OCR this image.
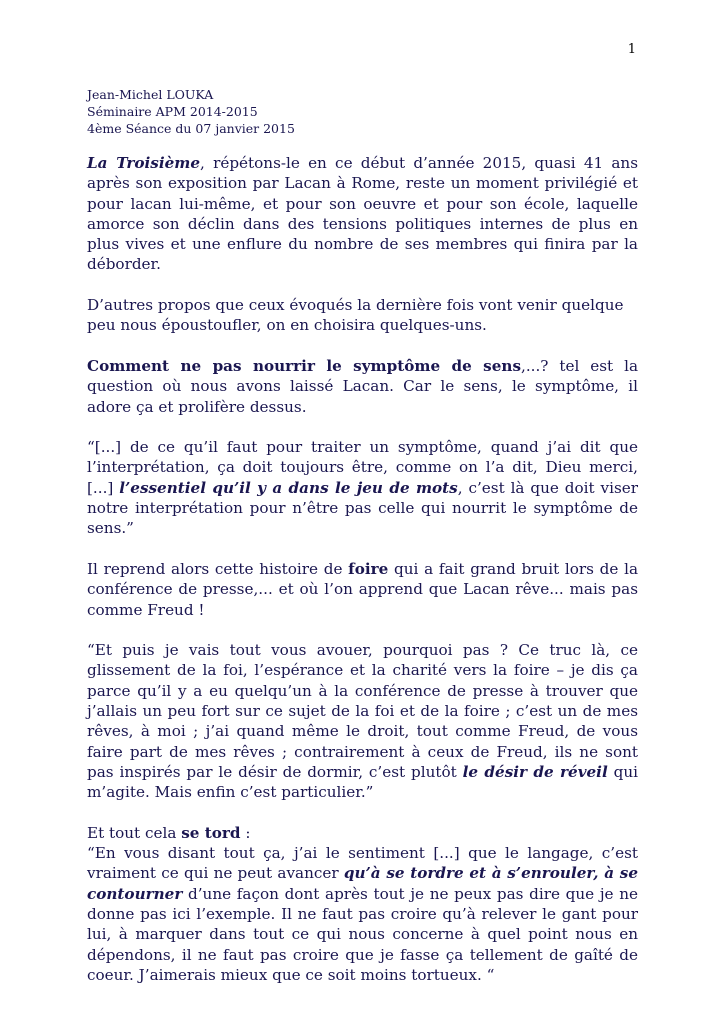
1
Jean-Michel LOUKA
Séminaire APM 2014-2015
4ème Séance du 07 janvier 2015

La Troisième, répétons-le en ce début d’année 2015, quasi 41 ans après son exposition par Lacan à Rome, reste un moment privilégié et pour lacan lui-même, et pour son oeuvre et pour son école, laquelle amorce son déclin dans des tensions politiques internes de plus en plus vives et une enflure du nombre de ses membres qui finira par la déborder.

D’autres propos que ceux évoqués la dernière fois vont venir quelque peu nous époustoufler, on en choisira quelques-uns.

Comment ne pas nourrir le symptôme de sens,...? tel est la question où nous avons laissé Lacan. Car le sens, le symptôme, il adore ça et prolifère dessus.

“[...] de ce qu’il faut pour traiter un symptôme, quand j’ai dit que l’interprétation, ça doit toujours être, comme on l’a dit, Dieu merci, [...] l’essentiel qu’il y a dans le jeu de mots, c’est là que doit viser notre interprétation pour n’être pas celle qui nourrit le symptôme de sens.”

Il reprend alors cette histoire de foire qui a fait grand bruit lors de la conférence de presse,... et où l’on apprend que Lacan rêve... mais pas comme Freud !

“Et puis je vais tout vous avouer, pourquoi pas ? Ce truc là, ce glissement de la foi, l’espérance et la charité vers la foire – je dis ça parce qu’il y a eu quelqu’un à la conférence de presse à trouver que j’allais un peu fort sur ce sujet de la foi et de la foire ; c’est un de mes rêves, à moi ; j’ai quand même le droit, tout comme Freud, de vous faire part de mes rêves ; contrairement à ceux de Freud, ils ne sont pas inspirés par le désir de dormir, c’est plutôt le désir de réveil qui m’agite. Mais enfin c’est particulier.”

Et tout cela se tord :

“En vous disant tout ça, j’ai le sentiment [...] que le langage, c’est vraiment ce qui ne peut avancer qu’à se tordre et à s’enrouler, à se contourner d’une façon dont après tout je ne peux pas dire que je ne donne pas ici l’exemple. Il ne faut pas croire qu’à relever le gant pour lui, à marquer dans tout ce qui nous concerne à quel point nous en dépendons, il ne faut pas croire que je fasse ça tellement de gaîté de coeur. J’aimerais mieux que ce soit moins tortueux. “
